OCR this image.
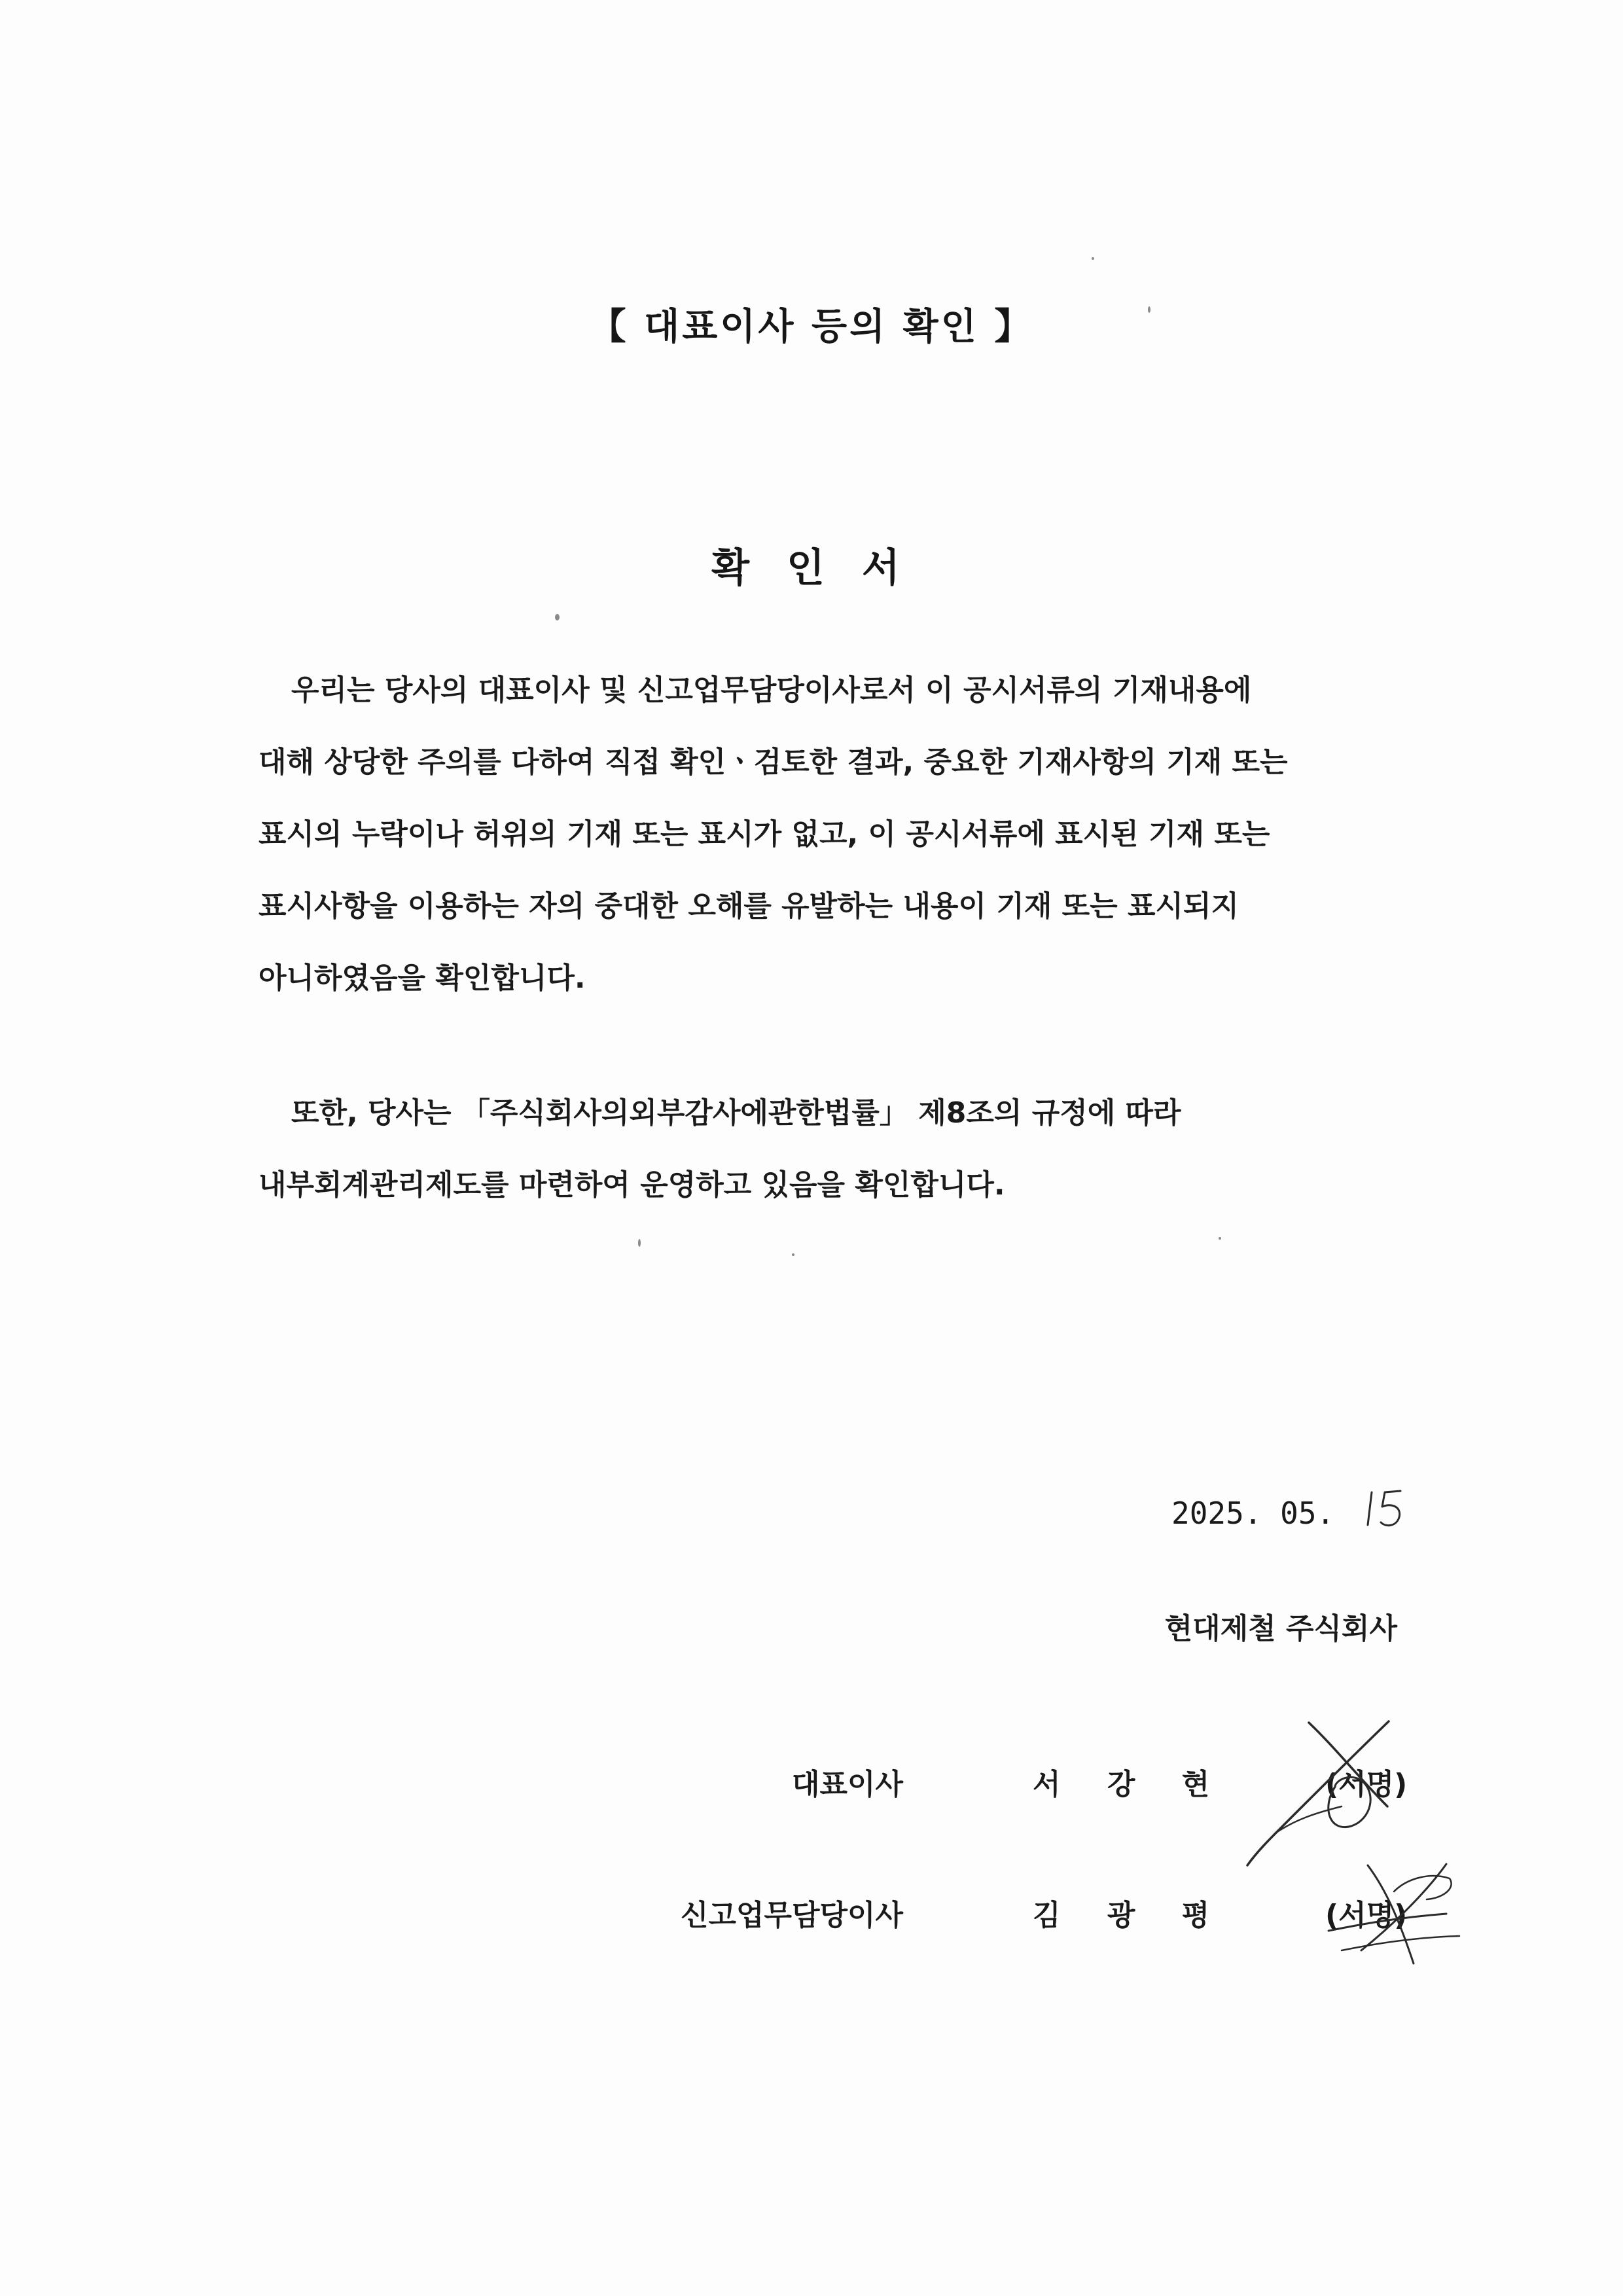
【 대표이사 등의 확인 】
확 인 서
우리는 당사의 대표이사 및 신고업무담당이사로서 이 공시서류의 기재내용에
대해 상당한 주의를 다하여 직접 확인ㆍ검토한 결과, 중요한 기재사항의 기재 또는
표시의 누락이나 허위의 기재 또는 표시가 없고, 이 공시서류에 표시된 기재 또는
표시사항을 이용하는 자의 중대한 오해를 유발하는 내용이 기재 또는 표시되지
아니하였음을 확인합니다.
또한, 당사는 「주식회사의외부감사에관한법률」 제8조의 규정에 따라
내부회계관리제도를 마련하여 운영하고 있음을 확인합니다.
2025. 05.
현대제철 주식회사
대표이사	서 강 현	(서명)
신고업무담당이사	김 광 평	(서명)
